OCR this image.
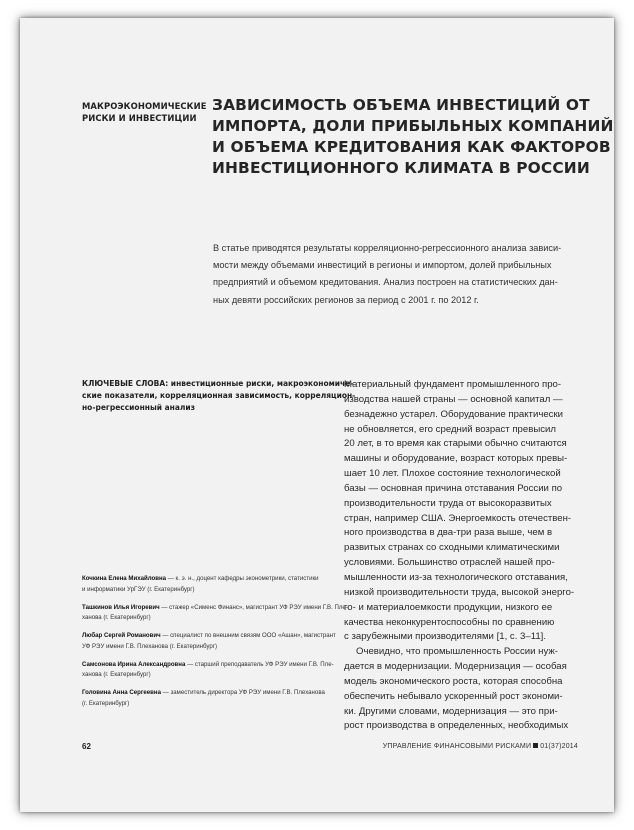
МАКРОЭКОНОМИЧЕСКИЕ
РИСКИ И ИНВЕСТИЦИИ
ЗАВИСИМОСТЬ ОБЪЕМА ИНВЕСТИЦИЙ ОТ
ИМПОРТА, ДОЛИ ПРИБЫЛЬНЫХ КОМПАНИЙ
И ОБЪЕМА КРЕДИТОВАНИЯ КАК ФАКТОРОВ
ИНВЕСТИЦИОННОГО КЛИМАТА В РОССИИ
В статье приводятся результаты корреляционно-регрессионного анализа зависи-
мости между объемами инвестиций в регионы и импортом, долей прибыльных
предприятий и объемом кредитования. Анализ построен на статистических дан-
ных девяти российских регионов за период с 2001 г. по 2012 г.
КЛЮЧЕВЫЕ СЛОВА: инвестиционные риски, макроэкономиче-
ские показатели, корреляционная зависимость, корреляцион-
но-регрессионный анализ
Кочкина Елена Михайловна — к. э. н., доцент кафедры эконометрики, статистики
и информатики УрГЭУ (г. Екатеринбург)
Ташкинов Илья Игоревич — стажер «Сименс Финанс», магистрант УФ РЭУ имени Г.В. Пле-
ханова (г. Екатеринбург)
Любар Сергей Романович — специалист по внешним связям ООО «Ашан», магистрант
УФ РЭУ имени Г.В. Плеханова (г. Екатеринбург)
Самсонова Ирина Александровна — старший преподаватель УФ РЭУ имени Г.В. Пле-
ханова (г. Екатеринбург)
Головина Анна Сергеевна — заместитель директора УФ РЭУ имени Г.В. Плеханова
(г. Екатеринбург)
Материальный фундамент промышленного про-
изводства нашей страны — основной капитал —
безнадежно устарел. Оборудование практически
не обновляется, его средний возраст превысил
20 лет, в то время как старыми обычно считаются
машины и оборудование, возраст которых превы-
шает 10 лет. Плохое состояние технологической
базы — основная причина отставания России по
производительности труда от высокоразвитых
стран, например США. Энергоемкость отечествен-
ного производства в два-три раза выше, чем в
развитых странах со сходными климатическими
условиями. Большинство отраслей нашей про-
мышленности из-за технологического отставания,
низкой производительности труда, высокой энерго-
го- и материалоемкости продукции, низкого ее
качества неконкурентоспособны по сравнению
с зарубежными производителями [1, с. 3–11].
Очевидно, что промышленность России нуж-
дается в модернизации. Модернизация — особая
модель экономического роста, которая способна
обеспечить небывало ускоренный рост экономи-
ки. Другими словами, модернизация — это при-
рост производства в определенных, необходимых
62	УПРАВЛЕНИЕ ФИНАНСОВЫМИ РИСКАМИ 01(37)2014
